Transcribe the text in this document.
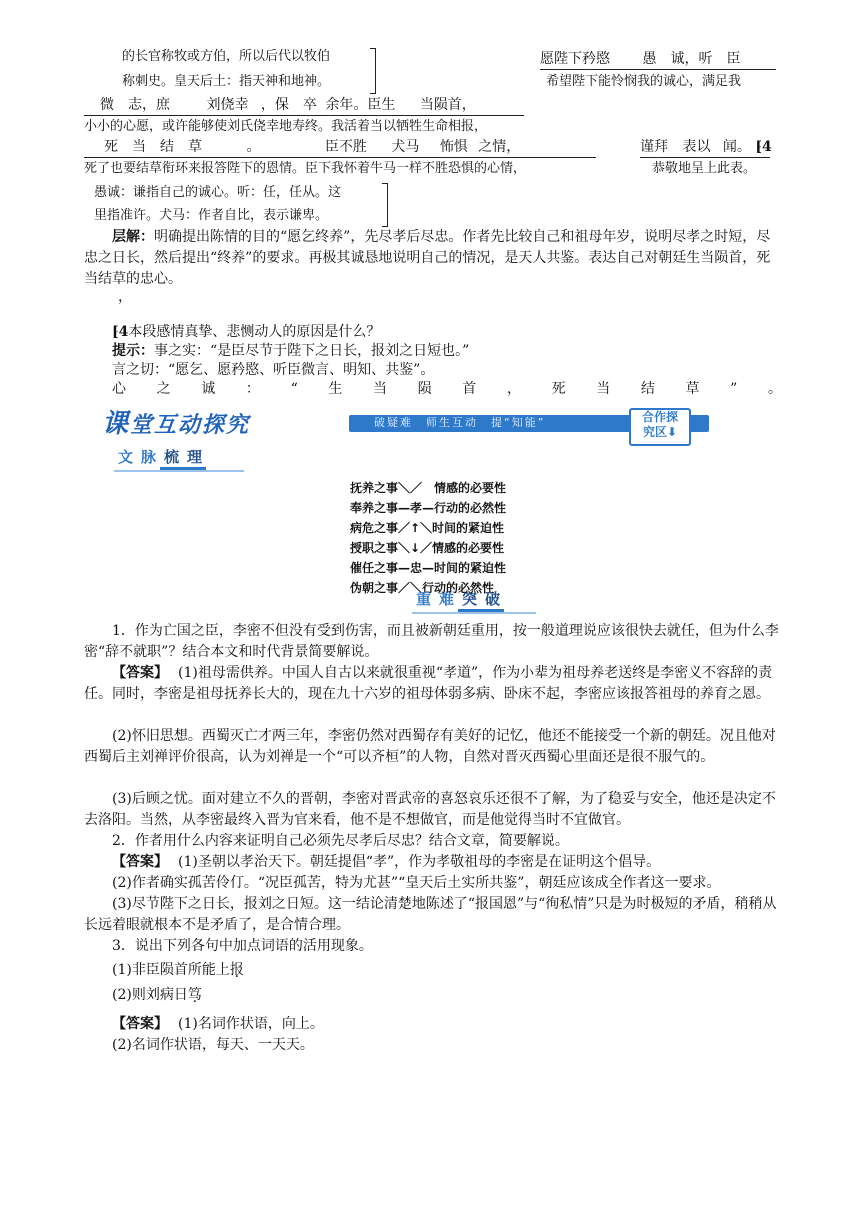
的长官称牧或方伯，所以后代以牧伯
称刺史。皇天后土：指天神和地神。
愿陛下矜愍 愚　诚，听　臣
希望陛下能怜悯我的诚心，满足我
微　志，庶	刘侥幸 ，保　卒 余年。臣生 当陨首，
小小的心愿，或许能够使刘氏侥幸地寿终。我活着当以牺牲生命相报，
死　当　结　草	。	臣不胜 犬马 怖惧 之情，	谨拜 表以 闻。 ⁅4
死了也要结草衔环来报答陛下的恩情。臣下我怀着牛马一样不胜恐惧的心情，	恭敬地呈上此表。
愚诚：谦指自己的诚心。听：任，任从。这
里指准许。犬马：作者自比，表示谦卑。
层解：明确提出陈情的目的“愿乞终养”，先尽孝后尽忠。作者先比较自己和祖母年岁，说明尽孝之时短，尽忠之日长，然后提出“终养”的要求。再极其诚恳地说明自己的情况，是天人共鉴。表达自己对朝廷生当陨首，死当结草的忠心。
，
⁅4本段感情真挚、悲恻动人的原因是什么？
提示：事之实：“是臣尽节于陛下之日长，报刘之日短也。”
言之切：“愿乞、愿矜愍、听臣微言、明知、共鉴”。
心 之 诚 ： “ 生 当 陨 首 ， 死 当 结 草 ” 。
课堂互动探究	破疑难　师生互动　提“知能”	合作探
究区⬇
文 脉 梳 理
抚养之事＼／　情感的必要性
奉养之事—孝—行动的必然性
病危之事／↑＼时间的紧迫性
授职之事＼↓／情感的必要性
催任之事—忠—时间的紧迫性
伪朝之事／＼行动的必然性
重 难 突 破
1．作为亡国之臣，李密不但没有受到伤害，而且被新朝廷重用，按一般道理说应该很快去就任，但为什么李密“辞不就职”？结合本文和时代背景简要解说。
【答案】 (1)祖母需供养。中国人自古以来就很重视“孝道”，作为小辈为祖母养老送终是李密义不容辞的责任。同时，李密是祖母抚养长大的，现在九十六岁的祖母体弱多病、卧床不起，李密应该报答祖母的养育之恩。
(2)怀旧思想。西蜀灭亡才两三年，李密仍然对西蜀存有美好的记忆，他还不能接受一个新的朝廷。况且他对西蜀后主刘禅评价很高，认为刘禅是一个“可以齐桓”的人物，自然对晋灭西蜀心里面还是很不服气的。
(3)后顾之忧。面对建立不久的晋朝，李密对晋武帝的喜怒哀乐还很不了解，为了稳妥与安全，他还是决定不去洛阳。当然，从李密最终入晋为官来看，他不是不想做官，而是他觉得当时不宜做官。
2．作者用什么内容来证明自己必须先尽孝后尽忠？结合文章，简要解说。
【答案】 (1)圣朝以孝治天下。朝廷提倡“孝”，作为孝敬祖母的李密是在证明这个倡导。
(2)作者确实孤苦伶仃。“况臣孤苦，特为尤甚”“皇天后土实所共鉴”，朝廷应该成全作者这一要求。
(3)尽节陛下之日长，报刘之日短。这一结论清楚地陈述了“报国恩”与“徇私情”只是为时极短的矛盾，稍稍从长远着眼就根本不是矛盾了，是合情合理。
3．说出下列各句中加点词语的活用现象。
(1)非臣陨首所能上报
(2)则刘病日笃
【答案】 (1)名词作状语，向上。
(2)名词作状语，每天、一天天。
